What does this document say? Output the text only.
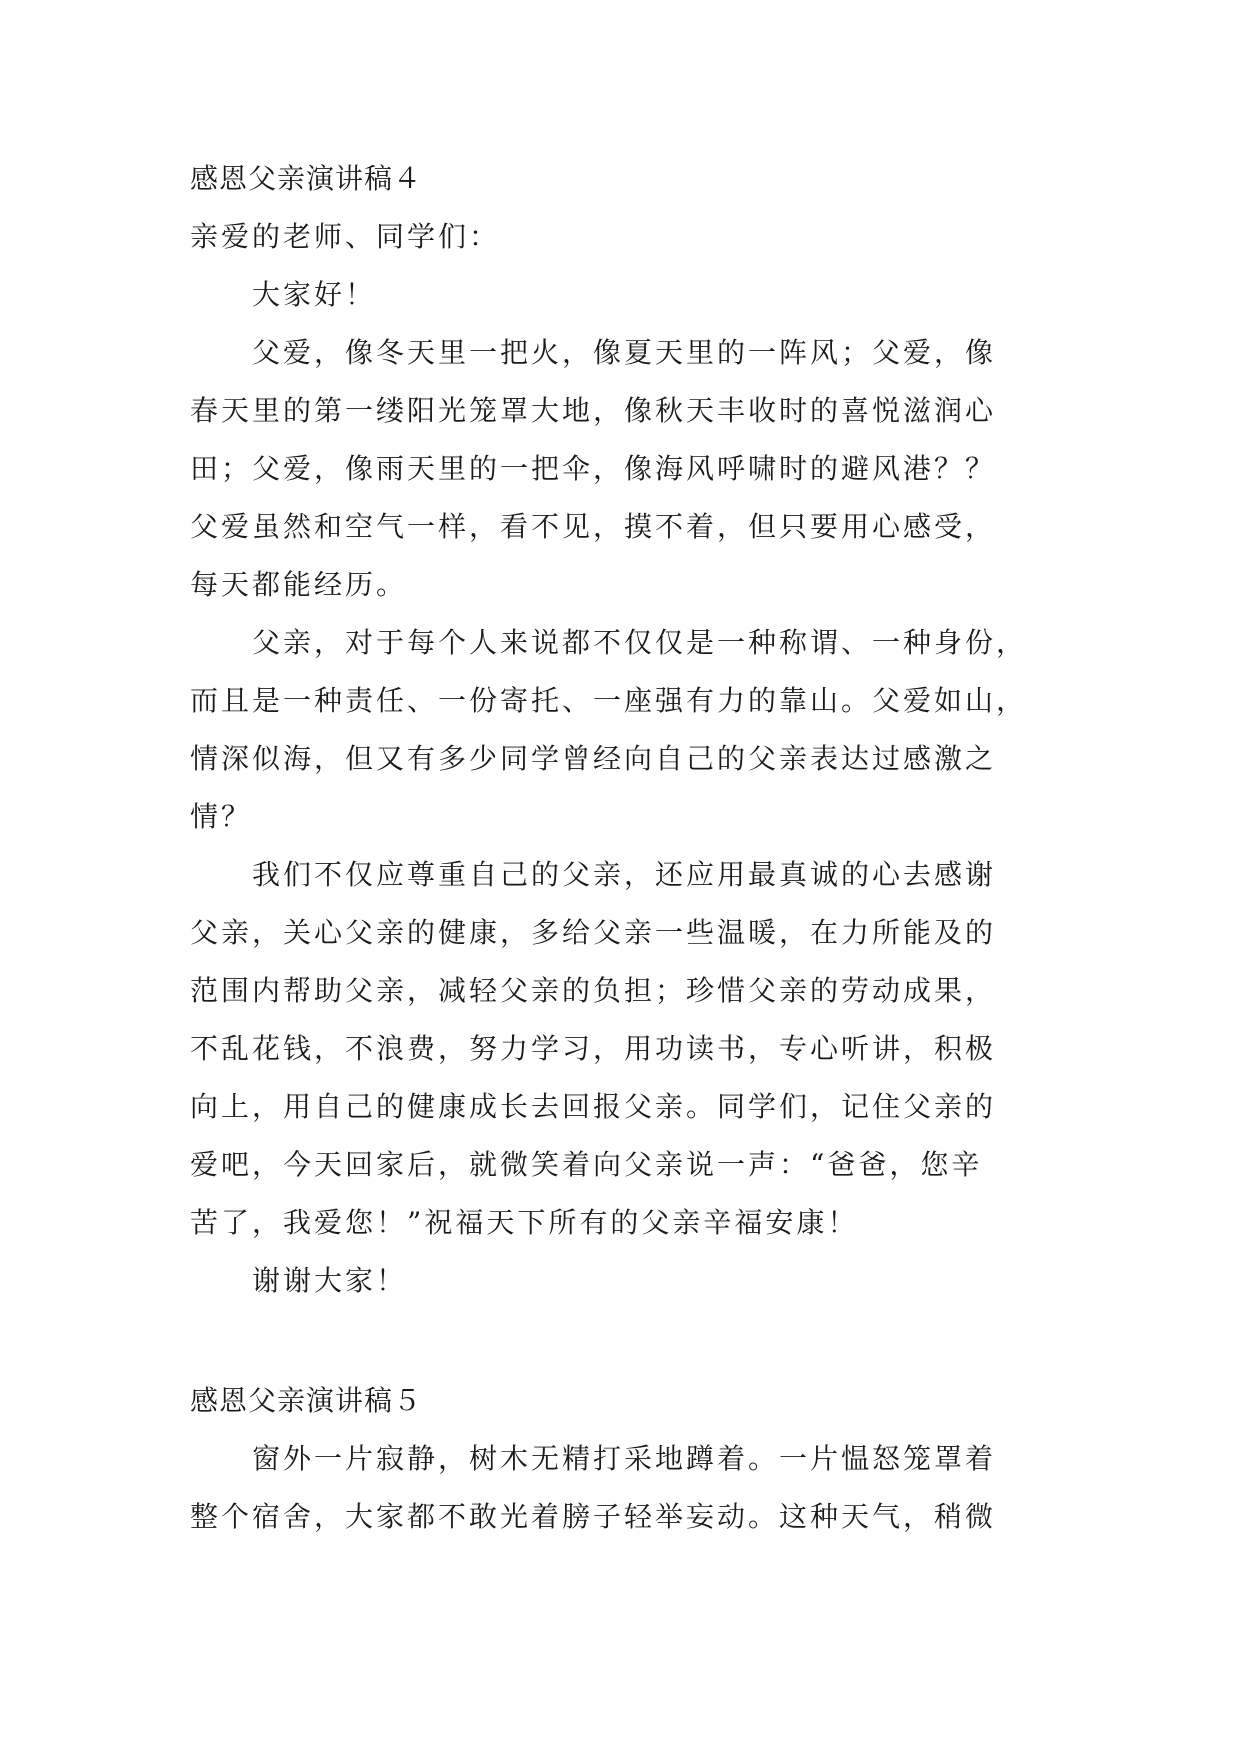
感恩父亲演讲稿４
亲爱的老师、同学们：
大家好！
父爱，像冬天里一把火，像夏天里的一阵风；父爱，像
春天里的第一缕阳光笼罩大地，像秋天丰收时的喜悦滋润心
田；父爱，像雨天里的一把伞，像海风呼啸时的避风港？？
父爱虽然和空气一样，看不见，摸不着，但只要用心感受，
每天都能经历。
父亲，对于每个人来说都不仅仅是一种称谓、一种身份，
而且是一种责任、一份寄托、一座强有力的靠山。父爱如山，
情深似海，但又有多少同学曾经向自己的父亲表达过感激之
情？
我们不仅应尊重自己的父亲，还应用最真诚的心去感谢
父亲，关心父亲的健康，多给父亲一些温暖，在力所能及的
范围内帮助父亲，减轻父亲的负担；珍惜父亲的劳动成果，
不乱花钱，不浪费，努力学习，用功读书，专心听讲，积极
向上，用自己的健康成长去回报父亲。同学们，记住父亲的
爱吧，今天回家后，就微笑着向父亲说一声：“爸爸，您辛
苦了，我爱您！”祝福天下所有的父亲辛福安康！
谢谢大家！
感恩父亲演讲稿５
窗外一片寂静，树木无精打采地蹲着。一片愠怒笼罩着
整个宿舍，大家都不敢光着膀子轻举妄动。这种天气，稍微
